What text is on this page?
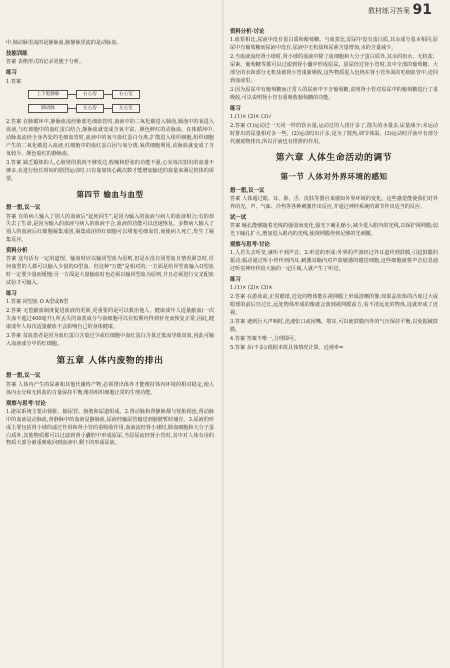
教材练习答案 91

中,肺动脉里流的是静脉血,肺静脉里流的是动脉血。

技能训练

答案 表格形式的记录更便于分析。

练习

1.答案

上下腔静脉	右心房	右心室
肺动脉	左心房	左心室

2.答案 在肺循环中,静脉血流经肺部毛细血管时,血液中的二氧化碳进入肺泡,肺泡中的氧进入血液,与红细胞中的血红蛋白结合,静脉血就变成含氧丰富、颜色鲜红的动脉血。在体循环中,动脉血流经全身各处的毛细血管时,血液中的氧与血红蛋白分离,扩散进入组织细胞,组织细胞产生的二氧化碳进入血液,红细胞中的血红蛋白因与氧分离,氧供细胞利用,动脉血就变成了含氧较少、颜色暗红的静脉血。

3.答案 缺乏锻炼的人,心脏壁的肌肉不够发达,收缩和舒张的功能不强,心室每次射出的血量不够多,在进行较长时间的剧烈运动时,只有靠加快心跳次数才能增加输送的血量来满足机体的需要。

第四节 输血与血型
想一想,议一议

答案 有的病人输入了别人的血液后"起死回生",是因为输入的血液与病人的血液相合;有的却失去了生命,是因为输入的血液与病人的血液不合,血液的功能可以迅速恢复。多数病人输入了别人的血液后红细胞凝集成团,凝集成团的红细胞可以堵塞毛细血管,而使病人死亡,发生了凝集反应。

资料分析

答案 这句话有一定的道理。输血时应以输同型血为原则,但是在没有同型血且情况紧急时,任何血型的人都可以输入少量的O型血。但这种"万能"是相对的,一方面是给异型血输入O型血时一定要少量而缓慢;另一方面是大量输血时也必须以输同型血为原则,并且必须进行交叉配血试验才可输入。

练习

1.答案 同型血 O A型或B型

2.答案 无偿献血制度促进血液的更新,更重要的是可以救治他人。健康成年人适量献血(一次失血不超过400毫升),所丢失的血浆成分与血细胞可以在短期内得到补充而恢复正常,因此,健康成年人每次适量献血不会影响自己的身体健康。

3.答案 贫血患者是因为血红蛋白含量过少或红细胞中血红蛋白含量过低而导致贫血,因此可输入血液成分中的红细胞。

第五章 人体内废物的排出
想一想,议一议

答案 人体内产生的尿素和其他代谢终产物,必须排出体外才能维持体内环境的相对稳定,使人体内水分和无机盐的含量保持平衡,维持组织细胞正常的生理功能。

观察与思考·讨论

1.泌尿系统主要由肾脏、输尿管、膀胱和尿道组成。2.肾动脉和肾静脉都与肾脏相连,肾动脉中的血液是动脉血,肾静脉中的血液是静脉血,尿液经输尿管输送到膀胱暂时储存。3.尿液的形成主要包括肾小球的滤过作用和肾小管的重吸收作用,血液流经肾小球时,除血细胞和大分子蛋白质外,其他物质都可以过滤到肾小囊腔中形成原尿,当原尿流经肾小管时,其中对人体有用的物质大部分被重吸收回到血液中,剩下的形成尿液。

资料分析·讨论

1.血浆相比,尿液中没有蛋白质和葡萄糖。与血浆比,原尿中没有蛋白质,其余成分基本相同,原尿中有葡萄糖而尿液中没有,尿液中无机盐和尿素含量增加,水的含量减少。

2.当血液流经肾小球时,肾小球的血液中除了血细胞和大分子蛋白质外,其余的如水、无机盐、尿素、葡萄糖等都可以过滤到肾小囊中形成原尿。原尿经过肾小管时,其中全部的葡萄糖、大部分的水和部分无机盐被肾小管重新吸收,这些物质进入包绕在肾小管外面的毛细血管中,送回到血液里。

3.因为原尿中有葡萄糖而正常人的尿液中不含葡萄糖,说明肾小管对原尿中的葡萄糖进行了重吸收,可以说明肾小管有重吸收葡萄糖的功能。

练习

1.(1)× (2)× (3)√

2.答案 (1)运动过一天同一样的饮水量,运动过的人排汗多了,散失的水量多,尿量减少;未运动时排出的尿量相对多一些。(2)运动时出汗多,是为了散热,调节体温。(3)运动时汗液中有部分代谢废物排出,所以汗液也有排泄的作用。

第六章 人体生命活动的调节
第一节 人体对外界环境的感知
想一想,议一议

答案 人体通过眼、耳、鼻、舌、皮肤等器官来感知外界环境的变化。这些感觉能使我们对外界的光、声、气味、冷热等各种刺激作出反应,并通过神经系统的调节作出适当的反应。

试一试

答案 瞳孔能够随着光线的强弱而变化,强光下瞳孔缩小,减少进入眼内的光线,以保护视网膜;弱光下瞳孔扩大,增加进入眼内的光线,使视网膜得到足够的光刺激。

观察与思考·讨论

1.人若失去听觉,就听不到声音。2.听觉的形成:外界的声波经过外耳道传到鼓膜,引起鼓膜的振动;振动通过听小骨传到内耳,刺激耳蜗内对声波敏感的感觉细胞,这些细胞就将声音信息通过听觉神经传给大脑的一定区域,人就产生了听觉。

练习

1.(1)× (2)× (3)×

2.答案 在游泳前,正常眼球,近处的物体能在视网膜上形成清晰的像;如果晶状体的凸度过大或眼球的前后径过长,远处物体形成的像就会落到视网膜前方,看不清远处的物体,这就形成了近视。

3.答案 遇到巨大声响时,迅速张口或闭嘴、堵耳,可以使鼓膜内外的气压保持平衡,以免振破鼓膜。

4.答案 答案不唯一,合理即可。

5.答案 多(不多);根据本班具体情况计算。近视率=
